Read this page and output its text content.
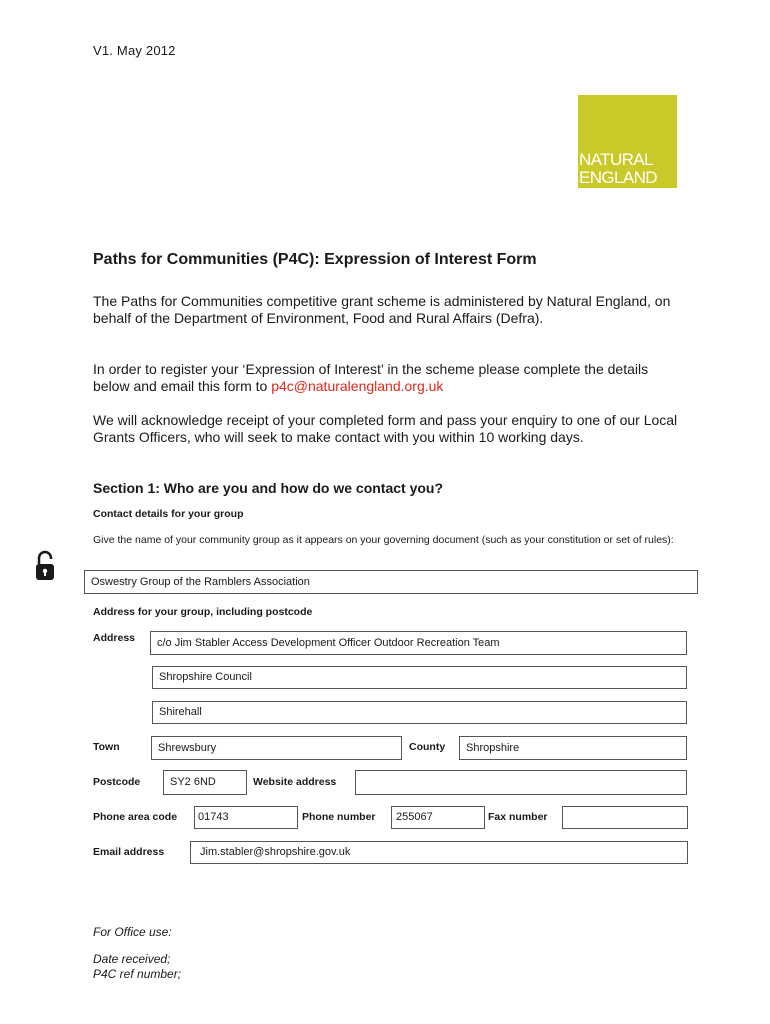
V1. May 2012
NATURAL
ENGLAND
Paths for Communities (P4C): Expression of Interest Form
The Paths for Communities competitive grant scheme is administered by Natural England, on behalf of the Department of Environment, Food and Rural Affairs (Defra).
In order to register your ‘Expression of Interest’ in the scheme please complete the details below and email this form to p4c@naturalengland.org.uk
We will acknowledge receipt of your completed form and pass your enquiry to one of our Local Grants Officers, who will seek to make contact with you within 10 working days.
Section 1: Who are you and how do we contact you?
Contact details for your group
Give the name of your community group as it appears on your governing document (such as your constitution or set of rules):
Oswestry Group of the Ramblers Association
Address for your group, including postcode
Address	c/o Jim Stabler Access Development Officer Outdoor Recreation Team
Shropshire Council
Shirehall
Town	Shrewsbury	County	Shropshire
Postcode	SY2 6ND	Website address
Phone area code	01743	Phone number	255067	Fax number
Email address	Jim.stabler@shropshire.gov.uk
For Office use:
Date received;
P4C ref number;
